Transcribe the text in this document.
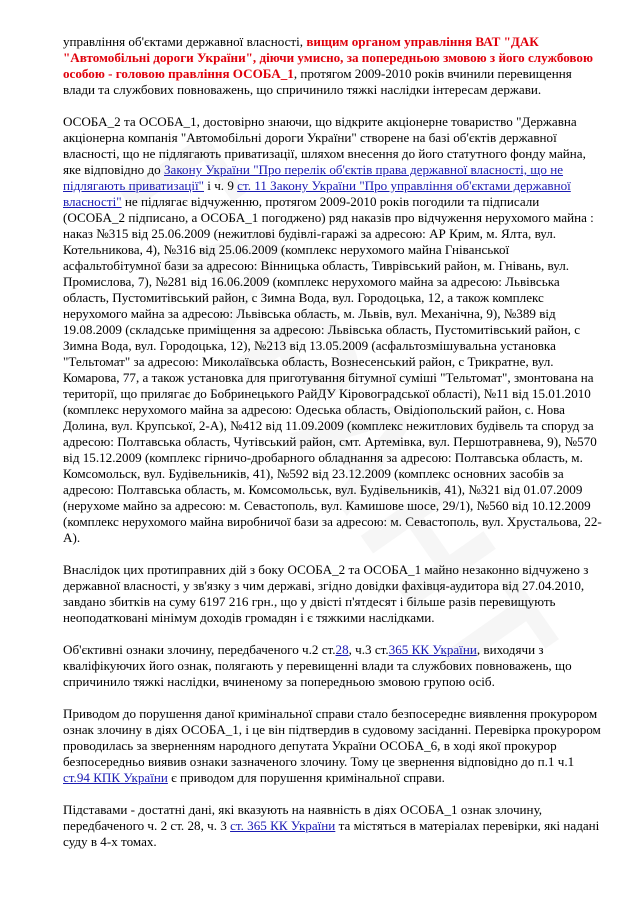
управління об'єктами державної власності, вищим органом управління ВАТ "ДАК "Автомобільні дороги України", діючи умисно, за попередньою змовою з його службовою особою - головою правління ОСОБА_1, протягом 2009-2010 років вчинили перевищення влади та службових повноважень, що спричинило тяжкі наслідки інтересам держави.

ОСОБА_2 та ОСОБА_1, достовірно знаючи, що відкрите акціонерне товариство "Державна акціонерна компанія "Автомобільні дороги України" створене на базі об'єктів державної власності, що не підлягають приватизації, шляхом внесення до його статутного фонду майна, яке відповідно до Закону України "Про перелік об'єктів права державної власності, що не підлягають приватизації" і ч. 9 ст. 11 Закону України "Про управління об'єктами державної власності" не підлягає відчуженню, протягом 2009-2010 років погодили та підписали (ОСОБА_2 підписано, а ОСОБА_1 погоджено) ряд наказів про відчуження нерухомого майна : наказ №315 від 25.06.2009 (нежитлові будівлі-гаражі за адресою: АР Крим, м. Ялта, вул. Котельникова, 4), №316 від 25.06.2009 (комплекс нерухомого майна Гніванської асфальтобітумної бази за адресою: Вінницька область, Тиврівський район, м. Гнівань, вул. Промислова, 7), №281 від 16.06.2009 (комплекс нерухомого майна за адресою: Львівська область, Пустомитівський район, с Зимна Вода, вул. Городоцька, 12, а також комплекс нерухомого майна за адресою: Львівська область, м. Львів, вул. Механічна, 9), №389 від 19.08.2009 (складське приміщення за адресою: Львівська область, Пустомитівський район, с Зимна Вода, вул. Городоцька, 12), №213 від 13.05.2009 (асфальтозмішувальна установка "Тельтомат" за адресою: Миколаївська область, Вознесенський район, с Трикратне, вул. Комарова, 77, а також установка для приготування бітумної суміші "Тельтомат", змонтована на території, що прилягає до Бобринецького РайДУ Кіровоградської області), №11 від 15.01.2010 (комплекс нерухомого майна за адресою: Одеська область, Овідіопольский район, с. Нова Долина, вул. Крупської, 2-А), №412 від 11.09.2009 (комплекс нежитлових будівель та споруд за адресою: Полтавська область, Чутівський район, смт. Артемівка, вул. Першотравнева, 9), №570 від 15.12.2009 (комплекс гірничо-дробарного обладнання за адресою: Полтавська область, м. Комсомольск, вул. Будівельників, 41), №592 від 23.12.2009 (комплекс основних засобів за адресою: Полтавська область, м. Комсомольськ, вул. Будівельників, 41), №321 від 01.07.2009 (нерухоме майно за адресою: м. Севастополь, вул. Камишове шосе, 29/1), №560 від 10.12.2009 (комплекс нерухомого майна виробничої бази за адресою: м. Севастополь, вул. Хрустальова, 22-А).

Внаслідок цих протиправних дій з боку ОСОБА_2 та ОСОБА_1 майно незаконно відчужено з державної власності, у зв'язку з чим державі, згідно довідки фахівця-аудитора від 27.04.2010, завдано збитків на суму 6197 216 грн., що у двісті п'ятдесят і більше разів перевищують неоподатковані мінімум доходів громадян і є тяжкими наслідками.

Об'єктивні ознаки злочину, передбаченого ч.2 ст.28, ч.3 ст.365 КК України, виходячи з кваліфікуючих його ознак, полягають у перевищенні влади та службових повноважень, що спричинило тяжкі наслідки, вчиненому за попередньою змовою групою осіб.

Приводом до порушення даної кримінальної справи стало безпосереднє виявлення прокурором ознак злочину в діях ОСОБА_1, і це він підтвердив в судовому засіданні. Перевірка прокурором проводилась за зверненням народного депутата України ОСОБА_6, в ході якої прокурор безпосередньо виявив ознаки зазначеного злочину. Тому це звернення відповідно до п.1 ч.1 ст.94 КПК України є приводом для порушення кримінальної справи.

Підставами - достатні дані, які вказують на наявність в діях ОСОБА_1 ознак злочину, передбаченого ч. 2 ст. 28, ч. 3 ст. 365 КК України та містяться в матеріалах перевірки, які надані суду в 4-х томах.
